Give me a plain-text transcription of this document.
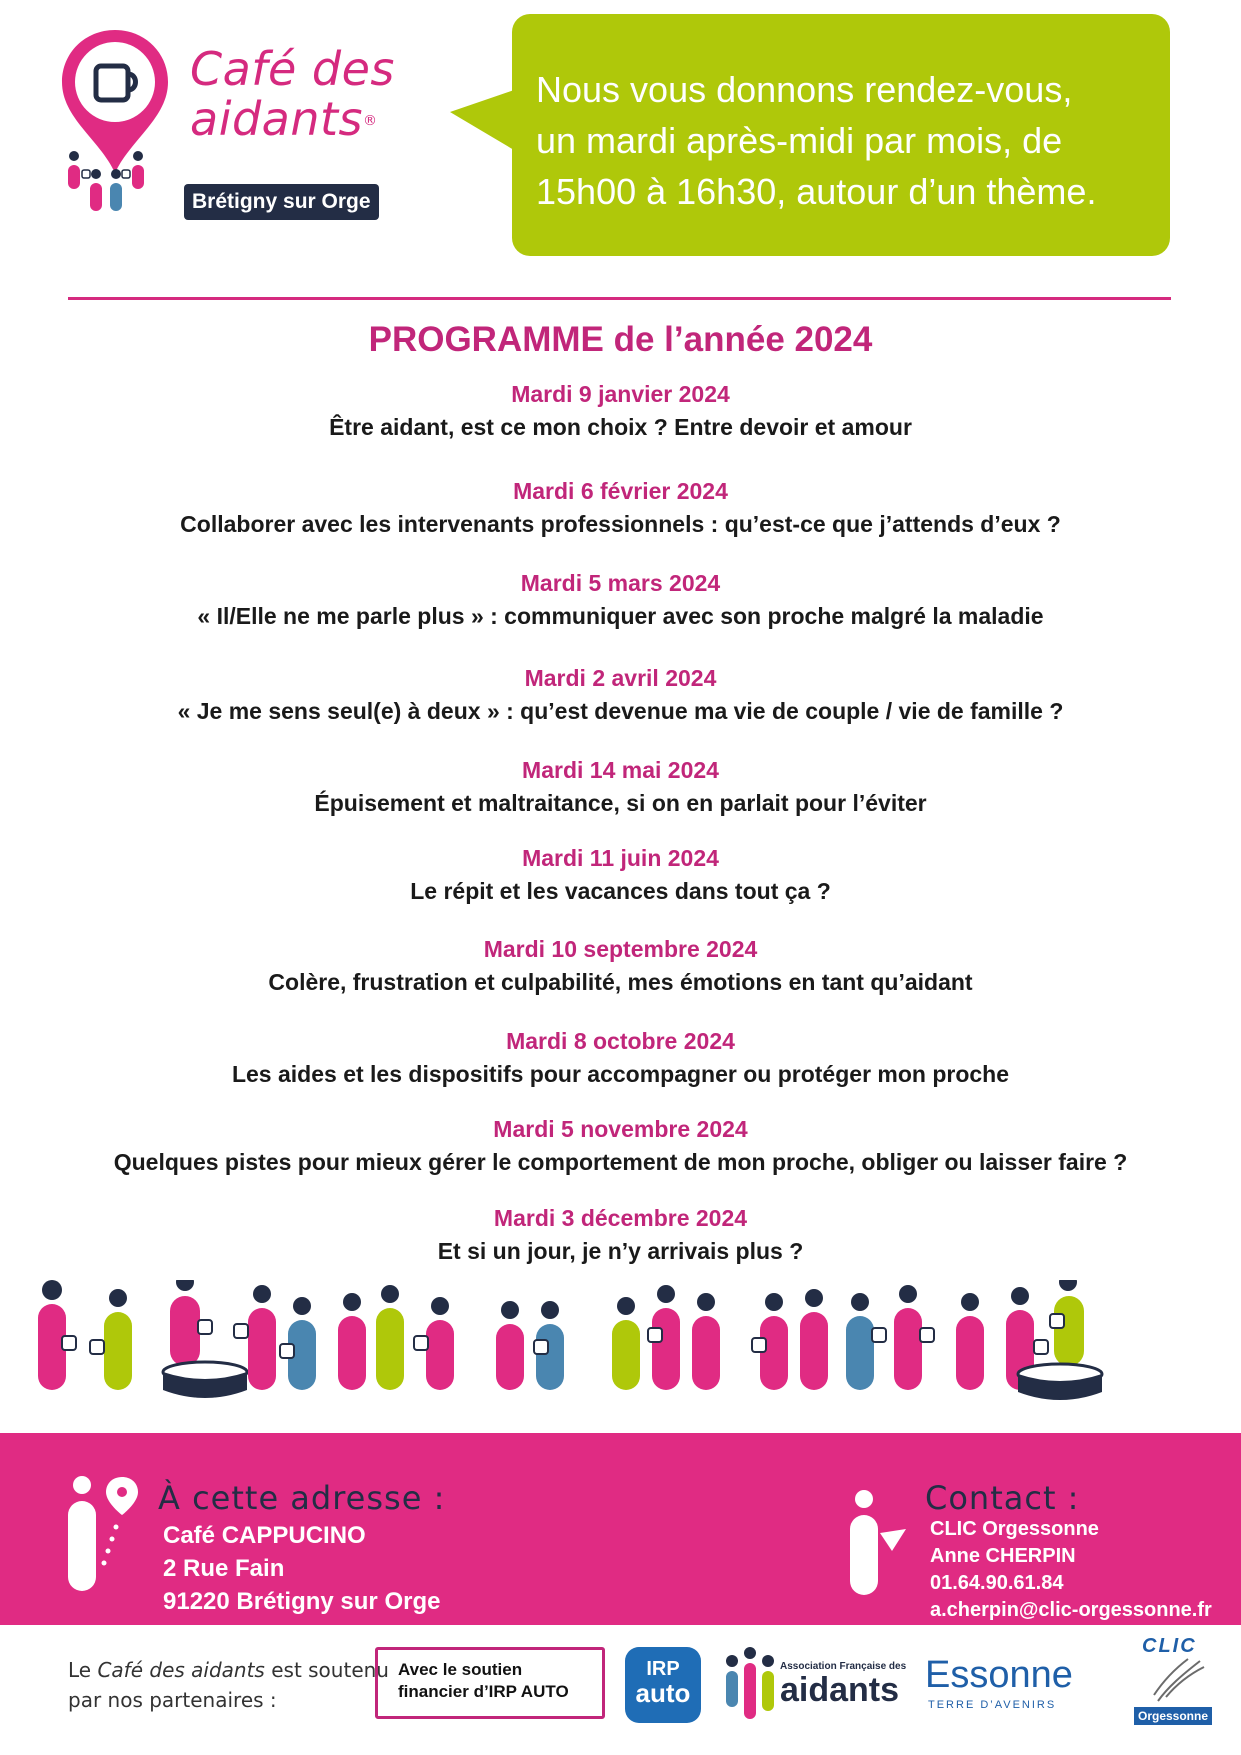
Café des
aidants®
Brétigny sur Orge
Nous vous donnons rendez-vous,
un mardi après-midi par mois, de
15h00 à 16h30, autour d’un thème.
PROGRAMME de l’année 2024
Mardi 9 janvier 2024
Être aidant, est ce mon choix ? Entre devoir et amour
Mardi 6 février 2024
Collaborer avec les intervenants professionnels : qu’est-ce que j’attends d’eux ?
Mardi 5 mars 2024
« Il/Elle ne me parle plus » : communiquer avec son proche malgré la maladie
Mardi 2 avril 2024
« Je me sens seul(e) à deux » : qu’est devenue ma vie de couple / vie de famille ?
Mardi 14 mai 2024
Épuisement et maltraitance, si on en parlait pour l’éviter
Mardi 11 juin 2024
Le répit et les vacances dans tout ça ?
Mardi 10 septembre 2024
Colère, frustration et culpabilité, mes émotions en tant qu’aidant
Mardi 8 octobre 2024
Les aides et les dispositifs pour accompagner ou protéger mon proche
Mardi 5 novembre 2024
Quelques pistes pour mieux gérer le comportement de mon proche, obliger ou laisser faire ?
Mardi 3 décembre 2024
Et si un jour, je n’y arrivais plus ?
À cette adresse :
Café CAPPUCINO
2 Rue Fain
91220 Brétigny sur Orge
Contact :
CLIC Orgessonne
Anne CHERPIN
01.64.90.61.84
a.cherpin@clic-orgessonne.fr
Le Café des aidants est soutenu
par nos partenaires :
Avec le soutien
financier d’IRP AUTO
IRP
auto
Association Française des
aidants Essonne
TERRE D’AVENIRS
CLIC
Orgessonne
